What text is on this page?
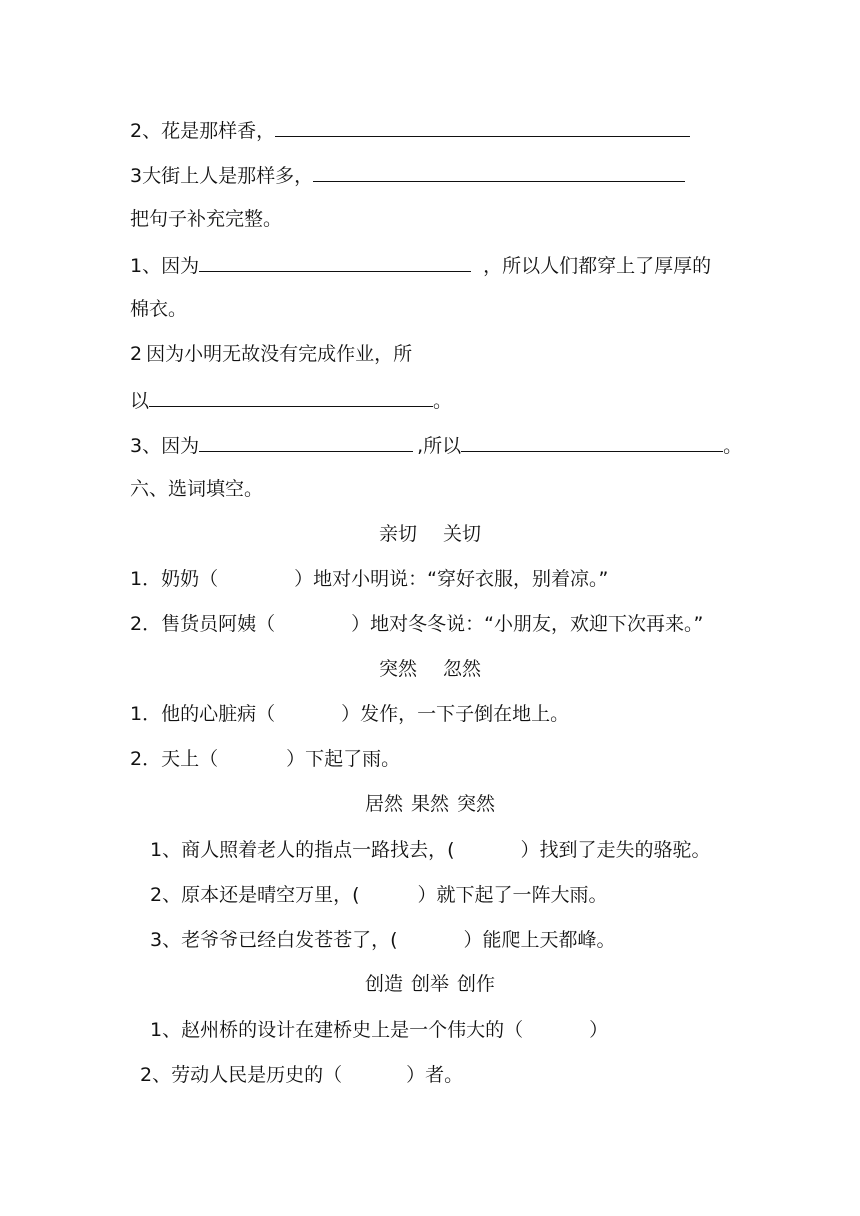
2、花是那样香，
3大街上人是那样多，
把句子补充完整。
1、因为	，所以人们都穿上了厚厚的
棉衣。
2 因为小明无故没有完成作业，所
以	。
3、因为	,所以	。
六、选词填空。
亲切 关切
1．奶奶（	）地对小明说：“穿好衣服，别着凉。”
2．售货员阿姨（	）地对冬冬说：“小朋友，欢迎下次再来。”
突然 忽然
1．他的心脏病（	）发作，一下子倒在地上。
2．天上（	）下起了雨。
居然 果然 突然
1、商人照着老人的指点一路找去，(	）找到了走失的骆驼。
2、原本还是晴空万里，(	）就下起了一阵大雨。
3、老爷爷已经白发苍苍了，(	）能爬上天都峰。
创造 创举 创作
1、赵州桥的设计在建桥史上是一个伟大的（	）
2、劳动人民是历史的（	）者。
